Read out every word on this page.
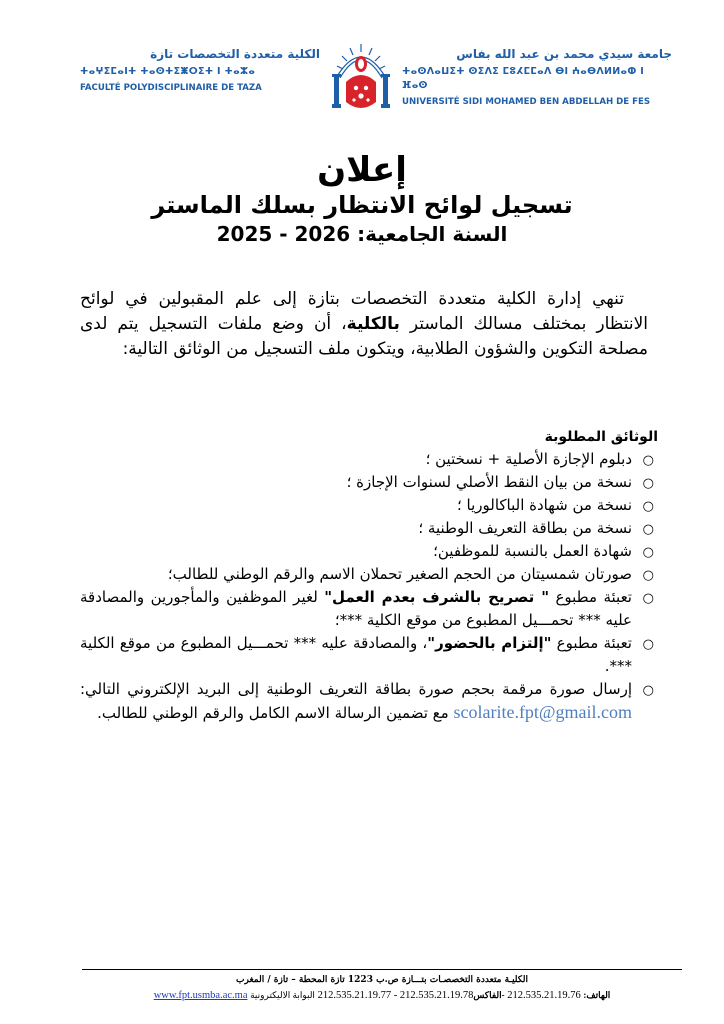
الكلية متعددة التخصصات تازة
ⵜⴰⵖⵉⵎⴰⵏⵜ ⵜⴰⵙⵜⵉⵥⵔⵉⵜ ⵏ ⵜⴰⵣⴰ
FACULTÉ POLYDISCIPLINAIRE DE TAZA
جامعة سيدي محمد بن عبد الله بفاس
ⵜⴰⵙⴷⴰⵡⵉⵜ ⵙⵉⴷⵉ ⵎⵓⵃⵎⵎⴰⴷ ⴱⵏ ⵄⴰⴱⴷⵍⵍⴰⵀ ⵏ ⴼⴰⵙ
UNIVERSITÉ SIDI MOHAMED BEN ABDELLAH DE FES
إعلان
تسجيل لوائح الانتظار بسلك الماستر
السنة الجامعية: 2025 - 2026
تنهي إدارة الكلية متعددة التخصصات بتازة إلى علم المقبولين في لوائح الانتظار بمختلف مسالك الماستر بالكلية، أن وضع ملفات التسجيل يتم لدى مصلحة التكوين والشؤون الطلابية، ويتكون ملف التسجيل من الوثائق التالية:
الوثائق المطلوبة
○
دبلوم الإجازة الأصلية + نسختين ؛
○
نسخة من بيان النقط الأصلي لسنوات الإجازة ؛
○
نسخة من شهادة الباكالوريا ؛
○
نسخة من بطاقة التعريف الوطنية ؛
○
شهادة العمل بالنسبة للموظفين؛
○
صورتان شمسيتان من الحجم الصغير تحملان الاسم والرقم الوطني للطالب؛
○
تعبئة مطبوع " تصريح بالشرف بعدم العمل" لغير الموظفين والمأجورين والمصادقة عليه *** تحمـــيل المطبوع من موقع الكلية ***؛
○
تعبئة مطبوع "إلتزام بالحضور"، والمصادقة عليه *** تحمـــيل المطبوع من موقع الكلية ***.
○
إرسال صورة مرقمة بحجم صورة بطاقة التعريف الوطنية إلى البريد الإلكتروني التالي: scolarite.fpt@gmail.com مع تضمين الرسالة الاسم الكامل والرقم الوطني للطالب.
الكليـة متعددة التخصصـات بتـــازة ص.ب 1223 تازة المحطة – تازة / المغرب
الهاتف: 212.535.21.19.76 -الفاكس212.535.21.19.77 - 212.535.21.19.78 البوابة الاليكترونية www.fpt.usmba.ac.ma
